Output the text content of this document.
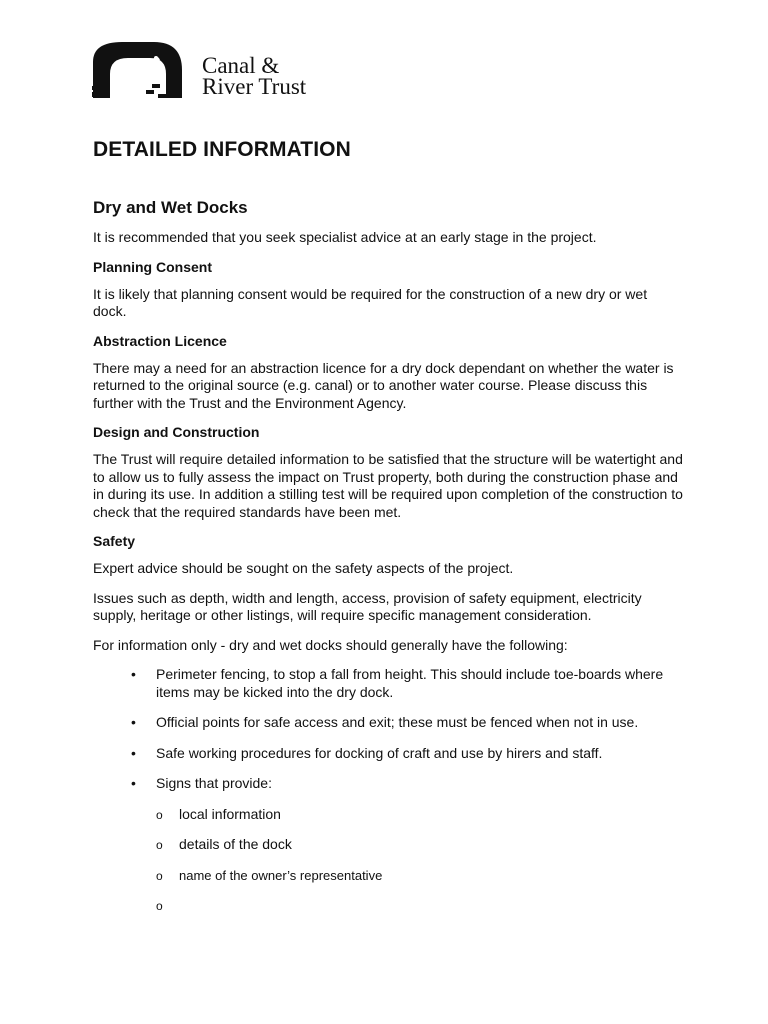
Canal &
River Trust
DETAILED INFORMATION
Dry and Wet Docks

It is recommended that you seek specialist advice at an early stage in the project.

Planning Consent

It is likely that planning consent would be required for the construction of a new dry or wet dock.

Abstraction Licence

There may a need for an abstraction licence for a dry dock dependant on whether the water is returned to the original source (e.g. canal) or to another water course. Please discuss this further with the Trust and the Environment Agency.

Design and Construction

The Trust will require detailed information to be satisfied that the structure will be watertight and to allow us to fully assess the impact on Trust property, both during the construction phase and in during its use. In addition a stilling test will be required upon completion of the construction to check that the required standards have been met.

Safety

Expert advice should be sought on the safety aspects of the project.

Issues such as depth, width and length, access, provision of safety equipment, electricity supply, heritage or other listings, will require specific management consideration.

For information only - dry and wet docks should generally have the following:

• Perimeter fencing, to stop a fall from height. This should include toe-boards where items may be kicked into the dry dock.
• Official points for safe access and exit; these must be fenced when not in use.
• Safe working procedures for docking of craft and use by hirers and staff.
• Signs that provide:
o local information
o details of the dock
o name of the owner’s representative
o
